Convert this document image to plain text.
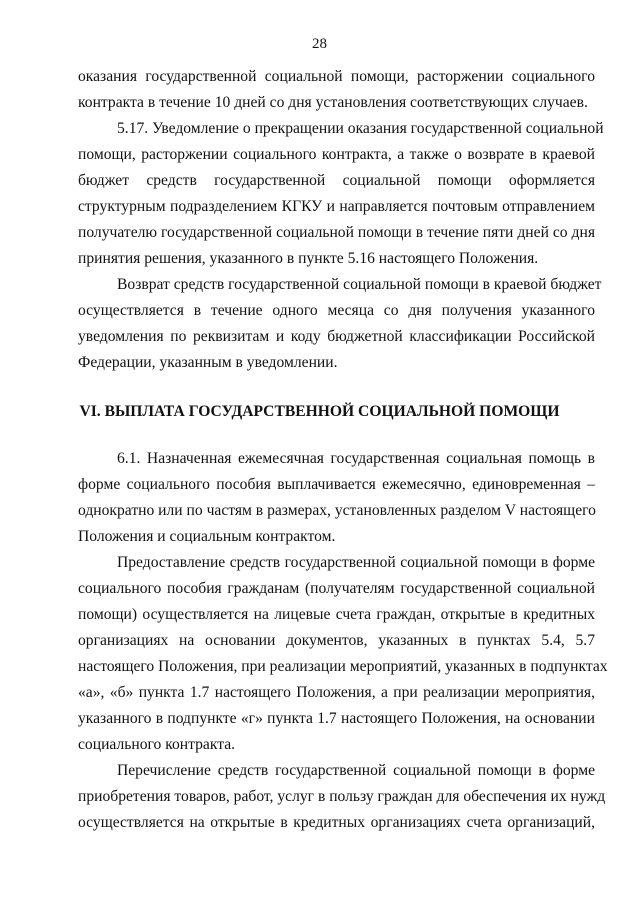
28
оказания государственной социальной помощи, расторжении социального
контракта в течение 10 дней со дня установления соответствующих случаев.
5.17. Уведомление о прекращении оказания государственной социальной
помощи, расторжении социального контракта, а также о возврате в краевой
бюджет средств государственной социальной помощи оформляется
структурным подразделением КГКУ и направляется почтовым отправлением
получателю государственной социальной помощи в течение пяти дней со дня
принятия решения, указанного в пункте 5.16 настоящего Положения.
Возврат средств государственной социальной помощи в краевой бюджет
осуществляется в течение одного месяца со дня получения указанного
уведомления по реквизитам и коду бюджетной классификации Российской
Федерации, указанным в уведомлении.
VI. ВЫПЛАТА ГОСУДАРСТВЕННОЙ СОЦИАЛЬНОЙ ПОМОЩИ
6.1. Назначенная ежемесячная государственная социальная помощь в
форме социального пособия выплачивается ежемесячно, единовременная –
однократно или по частям в размерах, установленных разделом V настоящего
Положения и социальным контрактом.
Предоставление средств государственной социальной помощи в форме
социального пособия гражданам (получателям государственной социальной
помощи) осуществляется на лицевые счета граждан, открытые в кредитных
организациях на основании документов, указанных в пунктах 5.4, 5.7
настоящего Положения, при реализации мероприятий, указанных в подпунктах
«а», «б» пункта 1.7 настоящего Положения, а при реализации мероприятия,
указанного в подпункте «г» пункта 1.7 настоящего Положения, на основании
социального контракта.
Перечисление средств государственной социальной помощи в форме
приобретения товаров, работ, услуг в пользу граждан для обеспечения их нужд
осуществляется на открытые в кредитных организациях счета организаций,
